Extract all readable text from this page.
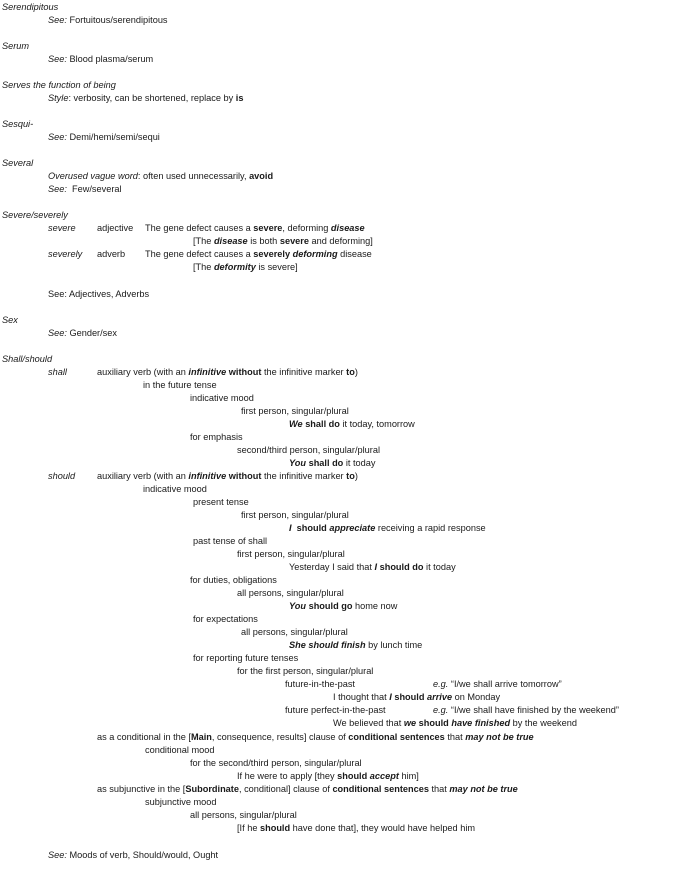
Serendipitous
See: Fortuitous/serendipitous
Serum
See: Blood plasma/serum
Serves the function of being
Style: verbosity, can be shortened, replace by is
Sesqui-
See: Demi/hemi/semi/sequi
Several
Overused vague word: often used unnecessarily, avoid
See: Few/several
Severe/severely
severe adjective The gene defect causes a severe, deforming disease
[The disease is both severe and deforming]
severely adverb The gene defect causes a severely deforming disease
[The deformity is severe]
See: Adjectives, Adverbs
Sex
See: Gender/sex
Shall/should
shall	auxiliary verb (with an infinitive without the infinitive marker to)
in the future tense
indicative mood
first person, singular/plural
We shall do it today, tomorrow
for emphasis
second/third person, singular/plural
You shall do it today
should auxiliary verb (with an infinitive without the infinitive marker to)
indicative mood
present tense
first person, singular/plural
I should appreciate receiving a rapid response
past tense of shall
first person, singular/plural
Yesterday I said that I should do it today
for duties, obligations
all persons, singular/plural
You should go home now
for expectations
all persons, singular/plural
She should finish by lunch time
for reporting future tenses
for the first person, singular/plural
future-in-the-past	e.g. “I/we shall arrive tomorrow”
I thought that I should arrive on Monday
future perfect-in-the-past	e.g. “I/we shall have finished by the weekend”
We believed that we should have finished by the weekend
as a conditional in the [Main, consequence, results] clause of conditional sentences that may not be true
conditional mood
for the second/third person, singular/plural
If he were to apply [they should accept him]
as subjunctive in the [Subordinate, conditional] clause of conditional sentences that may not be true
subjunctive mood
all persons, singular/plural
[If he should have done that], they would have helped him
See: Moods of verb, Should/would, Ought
